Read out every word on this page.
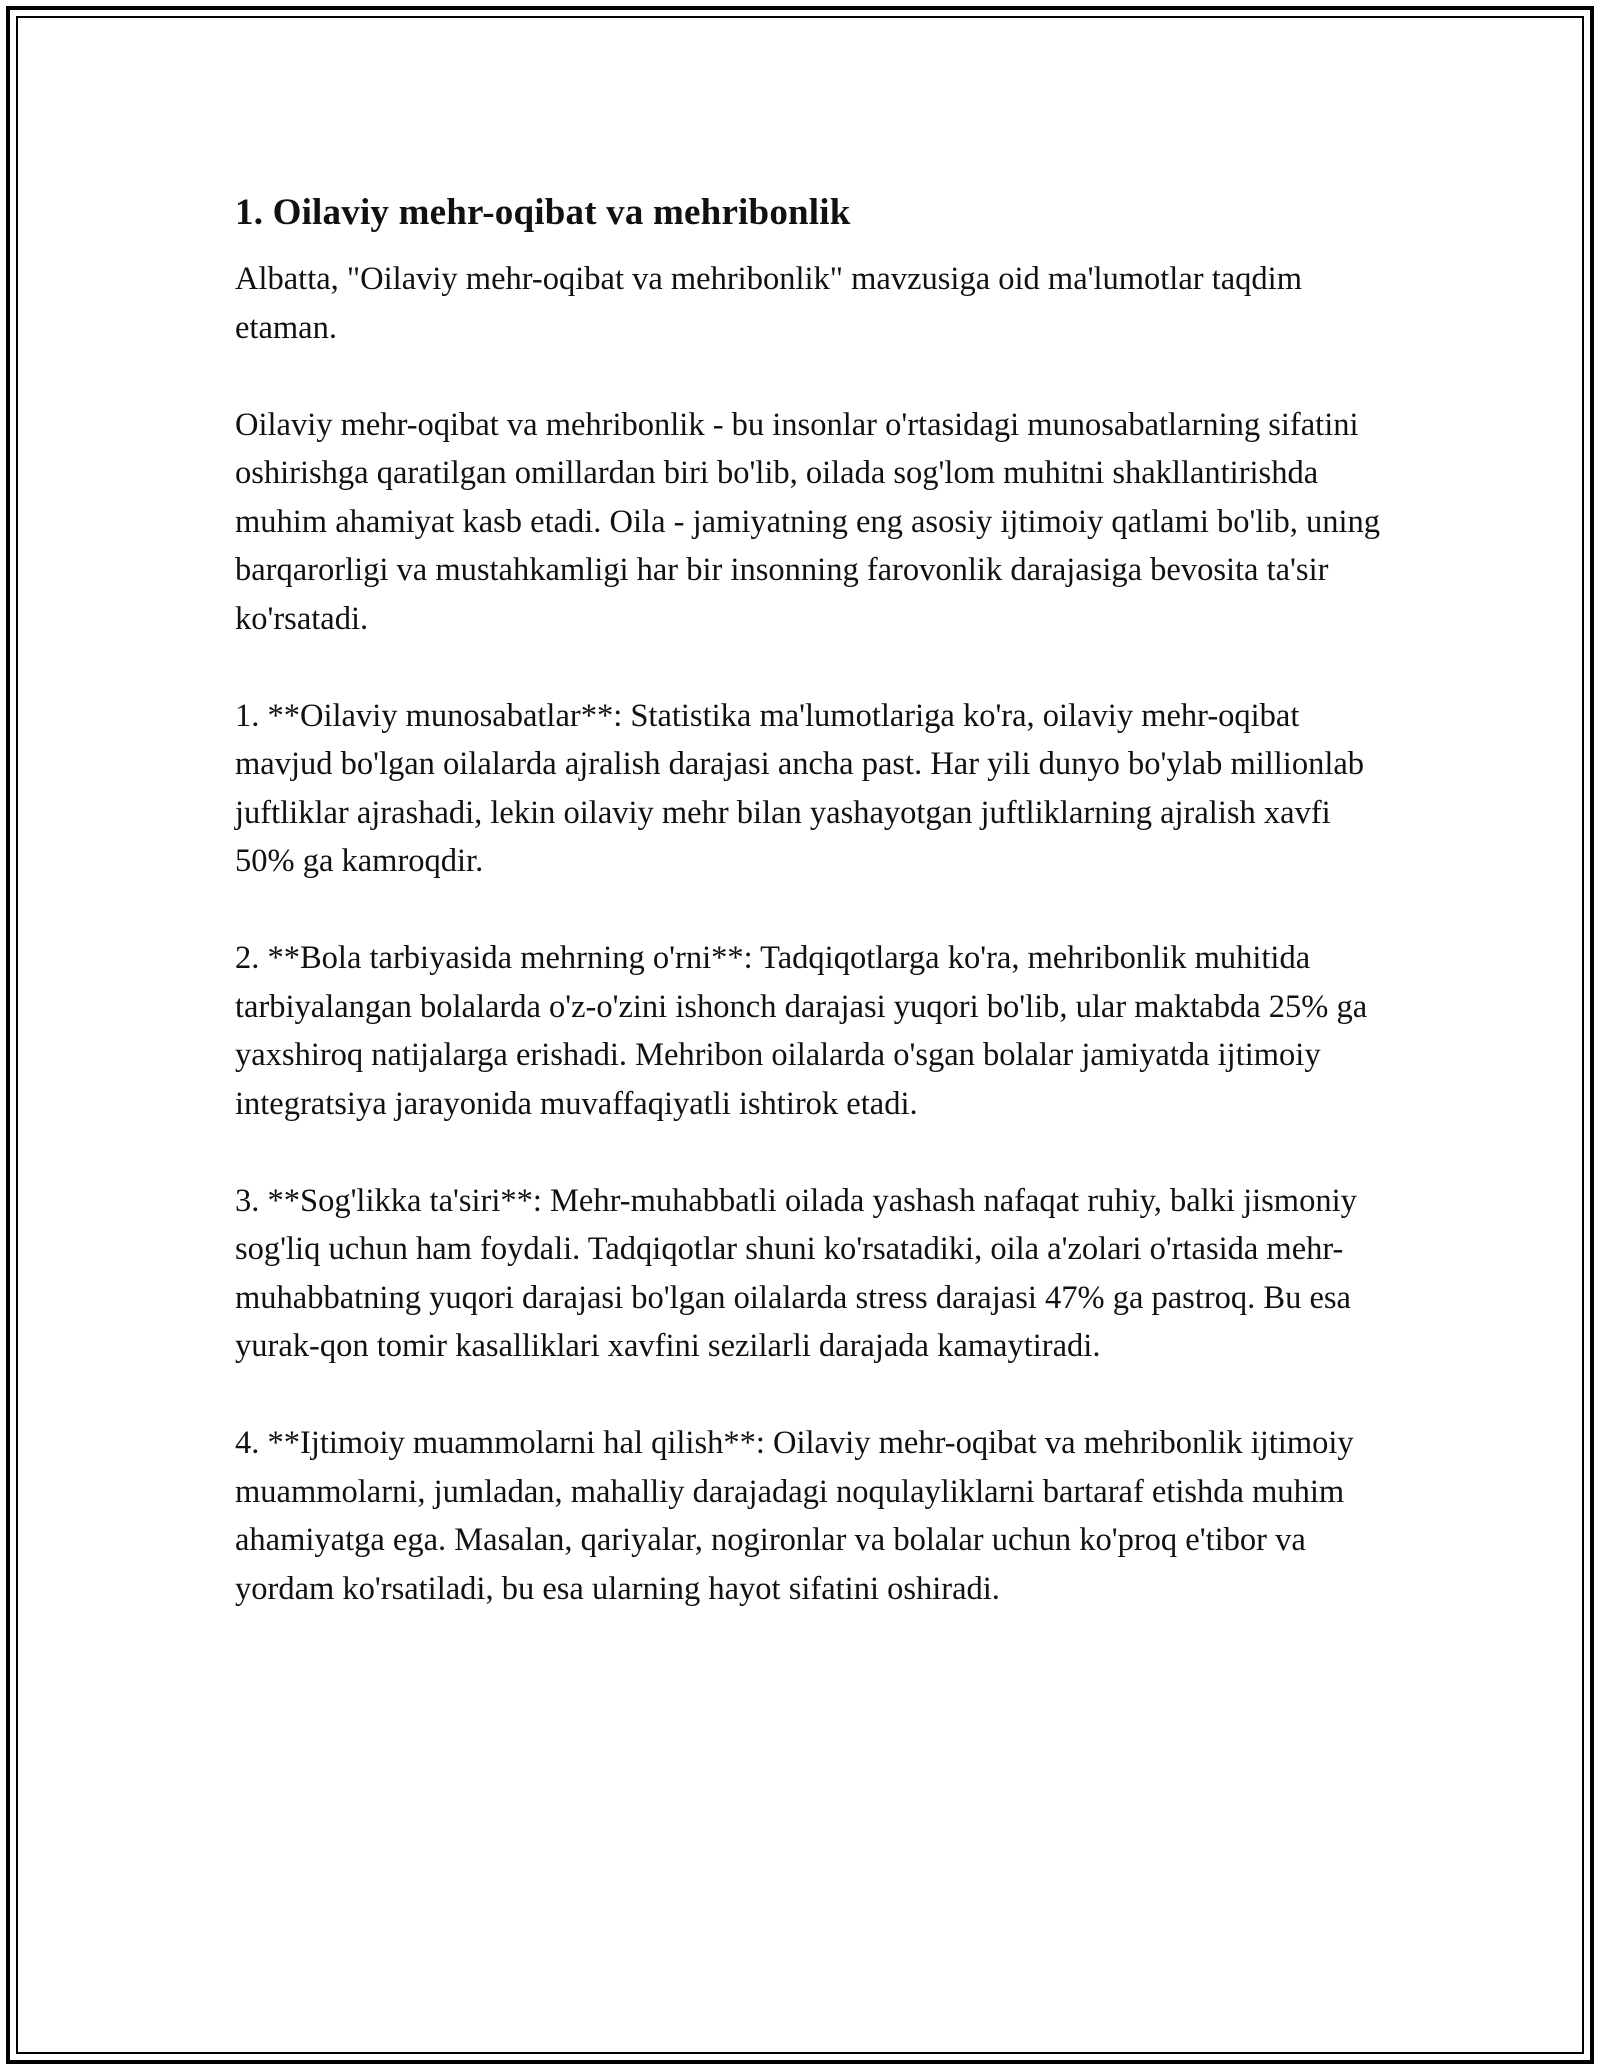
1. Oilaviy mehr-oqibat va mehribonlik

Albatta, "Oilaviy mehr-oqibat va mehribonlik" mavzusiga oid ma'lumotlar taqdim etaman.

Oilaviy mehr-oqibat va mehribonlik - bu insonlar o'rtasidagi munosabatlarning sifatini oshirishga qaratilgan omillardan biri bo'lib, oilada sog'lom muhitni shakllantirishda muhim ahamiyat kasb etadi. Oila - jamiyatning eng asosiy ijtimoiy qatlami bo'lib, uning barqarorligi va mustahkamligi har bir insonning farovonlik darajasiga bevosita ta'sir ko'rsatadi.

1. **Oilaviy munosabatlar**: Statistika ma'lumotlariga ko'ra, oilaviy mehr-oqibat mavjud bo'lgan oilalarda ajralish darajasi ancha past. Har yili dunyo bo'ylab millionlab juftliklar ajrashadi, lekin oilaviy mehr bilan yashayotgan juftliklarning ajralish xavfi 50% ga kamroqdir.

2. **Bola tarbiyasida mehrning o'rni**: Tadqiqotlarga ko'ra, mehribonlik muhitida tarbiyalangan bolalarda o'z-o'zini ishonch darajasi yuqori bo'lib, ular maktabda 25% ga yaxshiroq natijalarga erishadi. Mehribon oilalarda o'sgan bolalar jamiyatda ijtimoiy integratsiya jarayonida muvaffaqiyatli ishtirok etadi.

3. **Sog'likka ta'siri**: Mehr-muhabbatli oilada yashash nafaqat ruhiy, balki jismoniy sog'liq uchun ham foydali. Tadqiqotlar shuni ko'rsatadiki, oila a'zolari o'rtasida mehr-muhabbatning yuqori darajasi bo'lgan oilalarda stress darajasi 47% ga pastroq. Bu esa yurak-qon tomir kasalliklari xavfini sezilarli darajada kamaytiradi.

4. **Ijtimoiy muammolarni hal qilish**: Oilaviy mehr-oqibat va mehribonlik ijtimoiy muammolarni, jumladan, mahalliy darajadagi noqulayliklarni bartaraf etishda muhim ahamiyatga ega. Masalan, qariyalar, nogironlar va bolalar uchun ko'proq e'tibor va yordam ko'rsatiladi, bu esa ularning hayot sifatini oshiradi.
